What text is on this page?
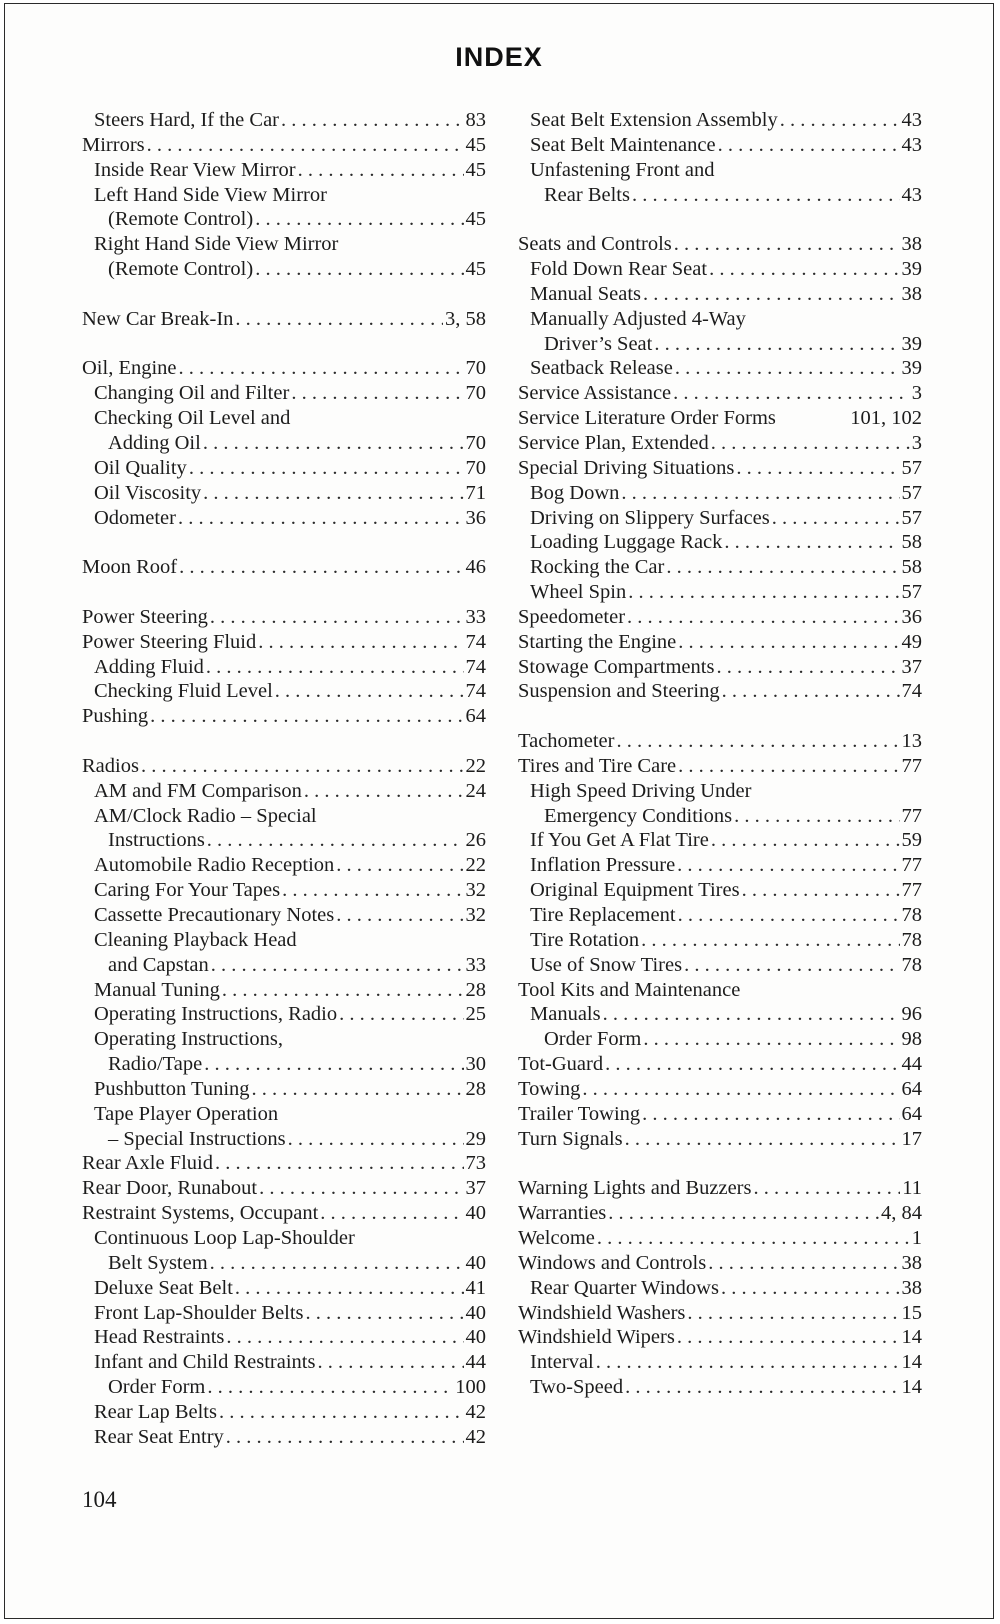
INDEX
Steers Hard, If the Car . . .	83
Mirrors . . .	45
Inside Rear View Mirror . . .	45
Left Hand Side View Mirror
(Remote Control) . . .	45
Right Hand Side View Mirror
(Remote Control) . . .	45
New Car Break-In . . .	3, 58
Oil, Engine . . .	70
Changing Oil and Filter . . .	70
Checking Oil Level and
Adding Oil . . .	70
Oil Quality . . .	70
Oil Viscosity . . .	71
Odometer . . .	36
Moon Roof . . .	46
Power Steering . . .	33
Power Steering Fluid . . .	74
Adding Fluid . . .	74
Checking Fluid Level . . .	74
Pushing . . .	64
Radios . . .	22
AM and FM Comparison . . .	24
AM/Clock Radio – Special
Instructions . . .	26
Automobile Radio Reception . . .	22
Caring For Your Tapes . . .	32
Cassette Precautionary Notes . . .	32
Cleaning Playback Head
and Capstan . . .	33
Manual Tuning . . .	28
Operating Instructions, Radio . . .	25
Operating Instructions,
Radio/Tape . . .	30
Pushbutton Tuning . . .	28
Tape Player Operation
– Special Instructions . . .	29
Rear Axle Fluid . . .	73
Rear Door, Runabout . . .	37
Restraint Systems, Occupant . . .	40
Continuous Loop Lap-Shoulder
Belt System . . .	40
Deluxe Seat Belt . . .	41
Front Lap-Shoulder Belts . . .	40
Head Restraints . . .	40
Infant and Child Restraints . . .	44
Order Form . . .	100
Rear Lap Belts . . .	42
Rear Seat Entry . . .	42
Seat Belt Extension Assembly . . .	43
Seat Belt Maintenance . . .	43
Unfastening Front and
Rear Belts . . .	43
Seats and Controls . . .	38
Fold Down Rear Seat . . .	39
Manual Seats . . .	38
Manually Adjusted 4-Way
Driver’s Seat . . .	39
Seatback Release . . .	39
Service Assistance . . .	3
Service Literature Order Forms	101, 102
Service Plan, Extended . . .	3
Special Driving Situations . . .	57
Bog Down . . .	57
Driving on Slippery Surfaces . . .	57
Loading Luggage Rack . . .	58
Rocking the Car . . .	58
Wheel Spin . . .	57
Speedometer . . .	36
Starting the Engine . . .	49
Stowage Compartments . . .	37
Suspension and Steering . . .	74
Tachometer . . .	13
Tires and Tire Care . . .	77
High Speed Driving Under
Emergency Conditions . . .	77
If You Get A Flat Tire . . .	59
Inflation Pressure . . .	77
Original Equipment Tires . . .	77
Tire Replacement . . .	78
Tire Rotation . . .	78
Use of Snow Tires . . .	78
Tool Kits and Maintenance
Manuals . . .	96
Order Form . . .	98
Tot-Guard . . .	44
Towing . . .	64
Trailer Towing . . .	64
Turn Signals . . .	17
Warning Lights and Buzzers . . .	11
Warranties . . .	4, 84
Welcome . . .	1
Windows and Controls . . .	38
Rear Quarter Windows . . .	38
Windshield Washers . . .	15
Windshield Wipers . . .	14
Interval . . .	14
Two-Speed . . .	14
104
